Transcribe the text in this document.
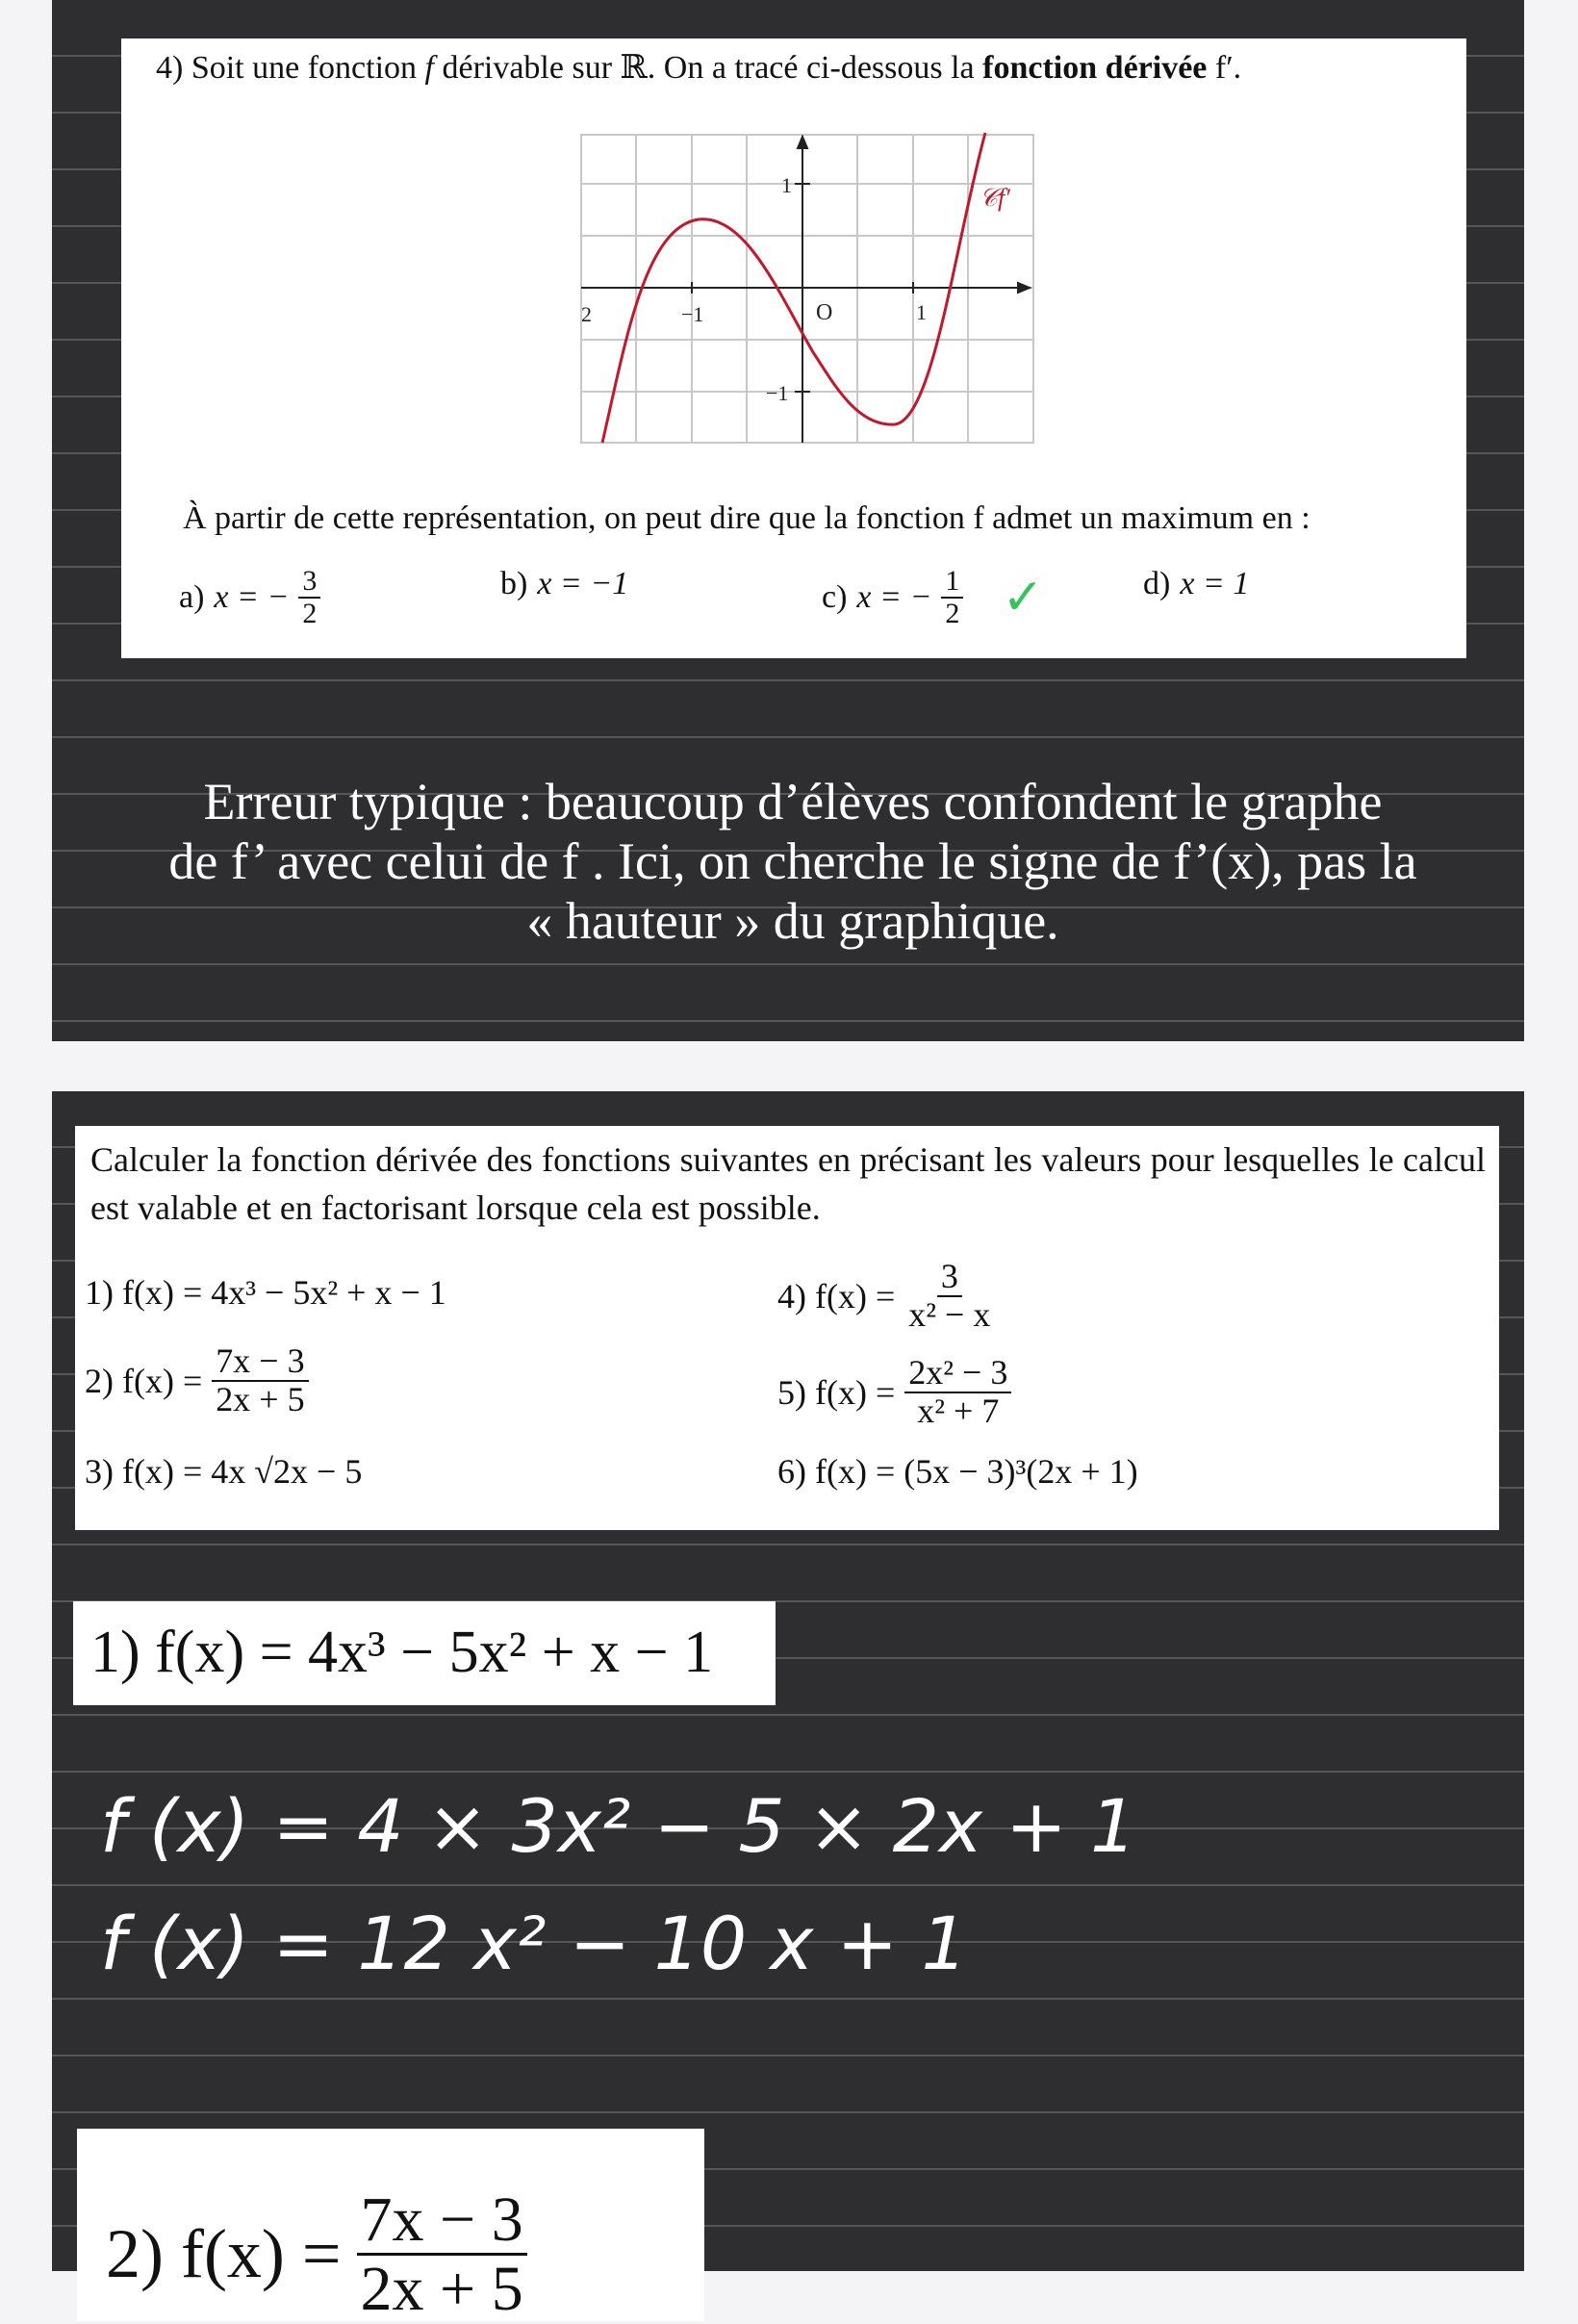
4) Soit une fonction f dérivable sur ℝ. On a tracé ci-dessous la fonction dérivée f′.
2	−1	O	1
1
−1
𝒞f′
À partir de cette représentation, on peut dire que la fonction f admet un maximum en :
a) x = − $\frac{3}{2}$	b) x = −1	c) x = − $\frac{1}{2}$ ✓	d) x = 1
Erreur typique : beaucoup d’élèves confondent le graphe
de f’ avec celui de f . Ici, on cherche le signe de f’(x), pas la
« hauteur » du graphique.
Calculer la fonction dérivée des fonctions suivantes en précisant les valeurs pour lesquelles le calcul est valable et en factorisant lorsque cela est possible.
1) f(x) = 4x³ − 5x² + x − 1
2) $f(x) = \frac{7x - 3}{2x + 5}$
3) f(x) = 4x √2x − 5
4) $f(x) = \frac{3}{\text{x² − x}}$
5) $f(x) = \frac{\text{2x² − 3}}{\text{x² + 7}}$
6) f(x) = (5x − 3)³(2x + 1)
1) f(x) = 4x³ − 5x² + x − 1
f (x) = 4 × 3x² − 5 × 2x + 1
f (x) = 12 x² − 10 x + 1
2) $f(x) = \frac{7x - 3}{2x + 5}$
